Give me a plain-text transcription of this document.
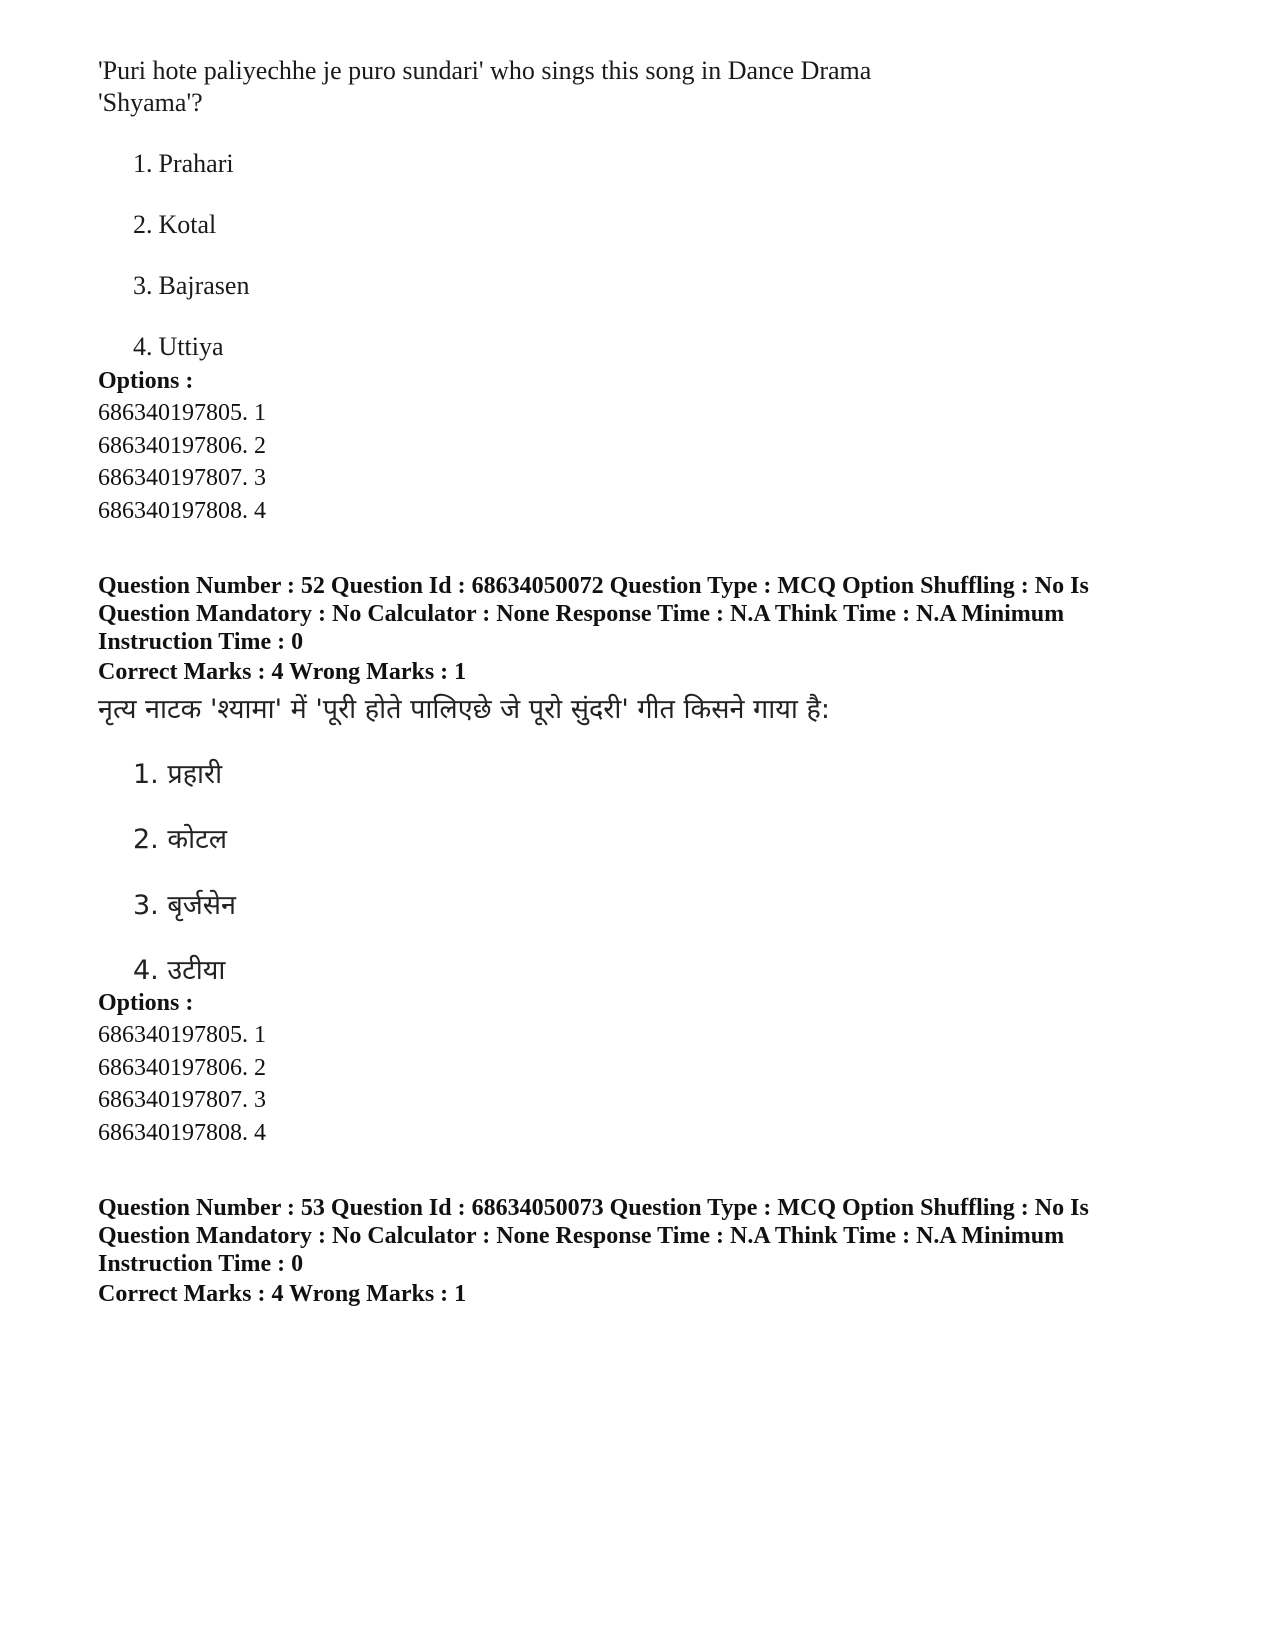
'Puri hote paliyechhe je puro sundari' who sings this song in Dance Drama
'Shyama'?
1. Prahari
2. Kotal
3. Bajrasen
4. Uttiya
Options :
686340197805. 1
686340197806. 2
686340197807. 3
686340197808. 4
Question Number : 52 Question Id : 68634050072 Question Type : MCQ Option Shuffling : No Is
Question Mandatory : No Calculator : None Response Time : N.A Think Time : N.A Minimum
Instruction Time : 0
Correct Marks : 4 Wrong Marks : 1
नृत्य नाटक 'श्यामा' में 'पूरी होते पालिएछे जे पूरो सुंदरी' गीत किसने गाया है:
1. प्रहारी
2. कोटल
3. बृर्जसेन
4. उटीया
Options :
686340197805. 1
686340197806. 2
686340197807. 3
686340197808. 4
Question Number : 53 Question Id : 68634050073 Question Type : MCQ Option Shuffling : No Is
Question Mandatory : No Calculator : None Response Time : N.A Think Time : N.A Minimum
Instruction Time : 0
Correct Marks : 4 Wrong Marks : 1
